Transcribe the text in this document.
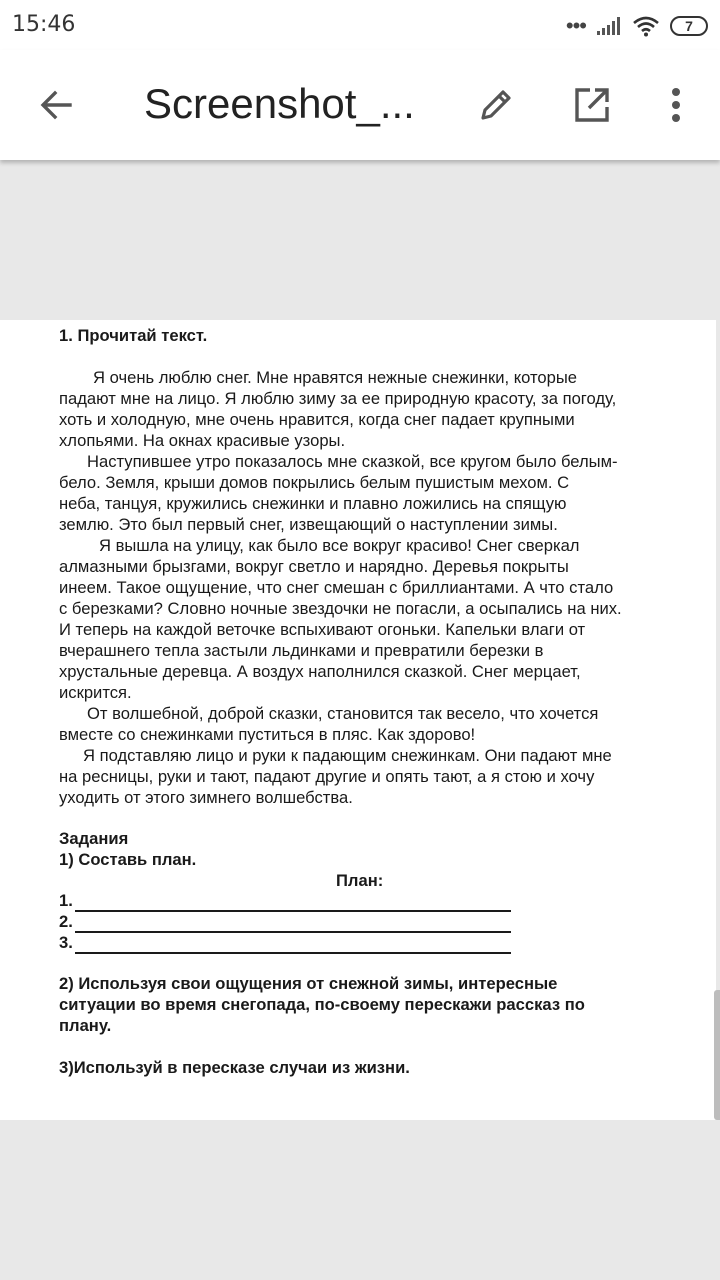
15:46	•••	7
Screenshot_...
1. Прочитай текст.
Я очень люблю снег. Мне нравятся нежные снежинки, которые
падают мне на лицо. Я люблю зиму за ее природную красоту, за погоду,
хоть и холодную, мне очень нравится, когда снег падает крупными
хлопьями. На окнах красивые узоры.
Наступившее утро показалось мне сказкой, все кругом было белым-
бело. Земля, крыши домов покрылись белым пушистым мехом. С
неба, танцуя, кружились снежинки и плавно ложились на спящую
землю. Это был первый снег, извещающий о наступлении зимы.
Я вышла на улицу, как было все вокруг красиво! Снег сверкал
алмазными брызгами, вокруг светло и нарядно. Деревья покрыты
инеем. Такое ощущение, что снег смешан с бриллиантами. А что стало
с березками? Словно ночные звездочки не погасли, а осыпались на них.
И теперь на каждой веточке вспыхивают огоньки. Капельки влаги от
вчерашнего тепла застыли льдинками и превратили березки в
хрустальные деревца. А воздух наполнился сказкой. Снег мерцает,
искрится.
От волшебной, доброй сказки, становится так весело, что хочется
вместе со снежинками пуститься в пляс. Как здорово!
Я подставляю лицо и руки к падающим снежинкам. Они падают мне
на ресницы, руки и тают, падают другие и опять тают, а я стою и хочу
уходить от этого зимнего волшебства.
Задания
1) Составь план.
План:
1.
2.
3.
2) Используя свои ощущения от снежной зимы, интересные
ситуации во время снегопада, по-своему перескажи рассказ по
плану.
3)Используй в пересказе случаи из жизни.
